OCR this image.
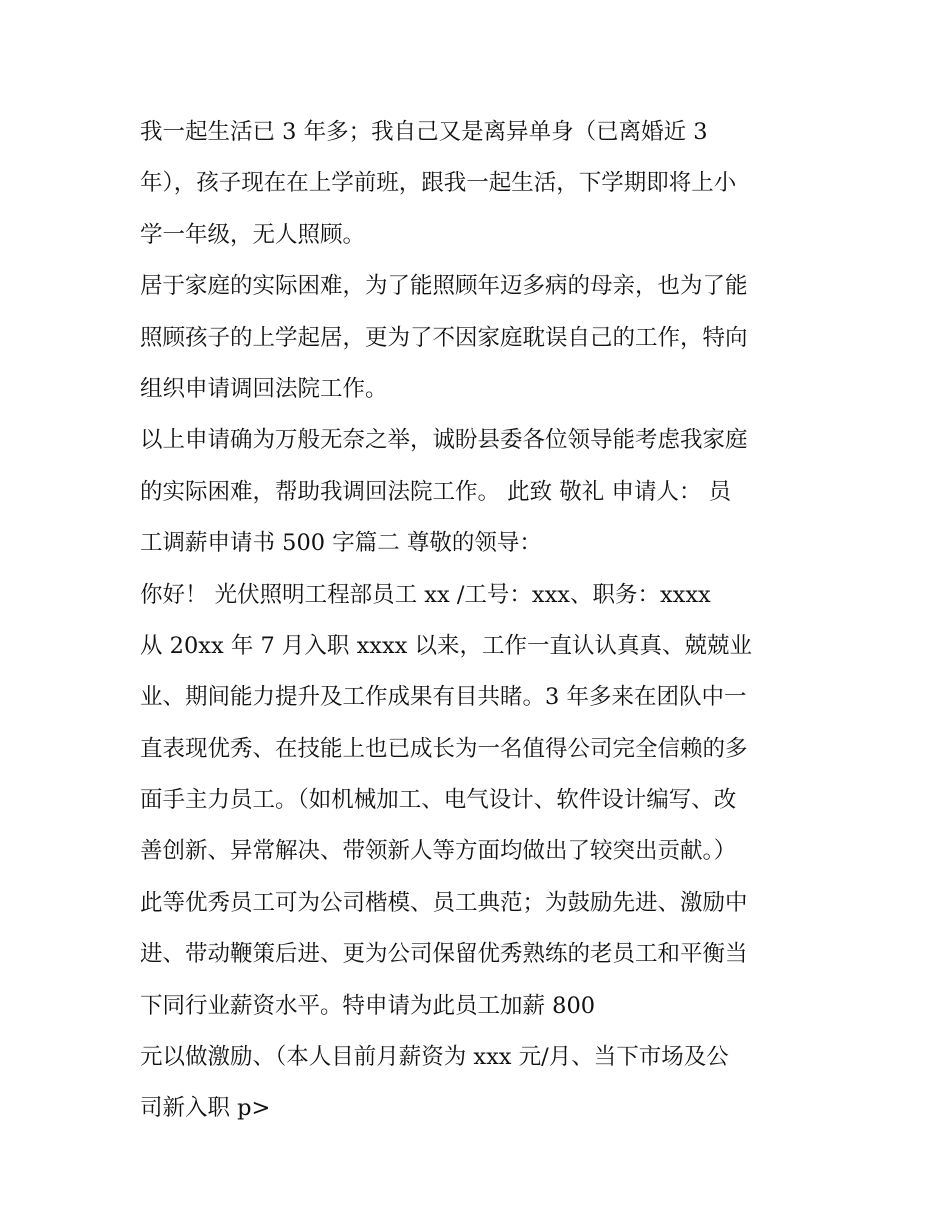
我一起生活已 3 年多；我自己又是离异单身（已离婚近 3
年），孩子现在在上学前班，跟我一起生活，下学期即将上小
学一年级，无人照顾。
居于家庭的实际困难，为了能照顾年迈多病的母亲，也为了能
照顾孩子的上学起居，更为了不因家庭耽误自己的工作，特向
组织申请调回法院工作。
以上申请确为万般无奈之举，诚盼县委各位领导能考虑我家庭
的实际困难，帮助我调回法院工作。 此致 敬礼 申请人： 员
工调薪申请书 500 字篇二 尊敬的领导：
你好！ 光伏照明工程部员工 xx /工号：xxx、职务：xxxx
从 20xx 年 7 月入职 xxxx 以来，工作一直认认真真、兢兢业
业、期间能力提升及工作成果有目共睹。3 年多来在团队中一
直表现优秀、在技能上也已成长为一名值得公司完全信赖的多
面手主力员工。（如机械加工、电气设计、软件设计编写、改
善创新、异常解决、带领新人等方面均做出了较突出贡献。）
此等优秀员工可为公司楷模、员工典范；为鼓励先进、激励中
进、带动鞭策后进、更为公司保留优秀熟练的老员工和平衡当
下同行业薪资水平。特申请为此员工加薪 800
元以做激励、（本人目前月薪资为 xxx 元/月、当下市场及公
司新入职 p>
